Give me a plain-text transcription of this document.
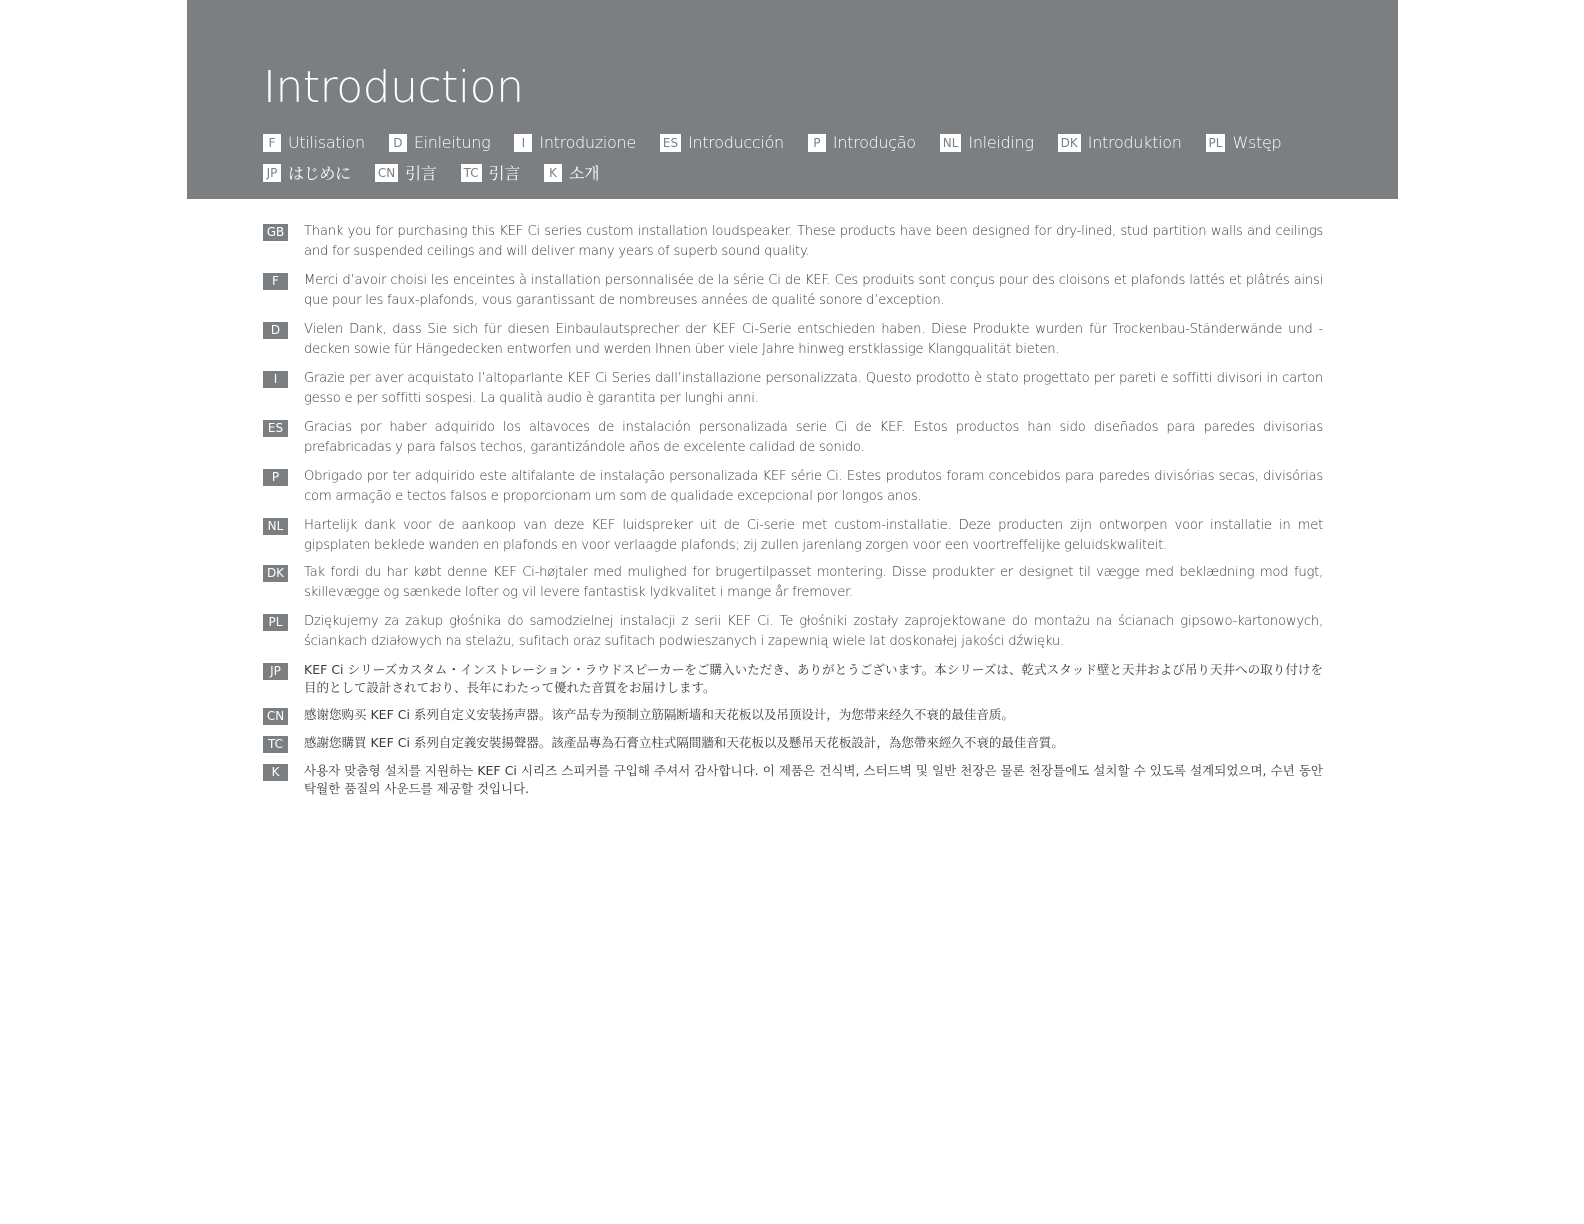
Introduction
F Utilisation	D Einleitung	I Introduzione ES Introducción	P Introdução NL Inleiding DK Introduktion PL Wstęp
JP はじめに CN 引言 TC 引言	K 소개
GB Thank you for purchasing this KEF Ci series custom installation loudspeaker. These products have been designed for dry-lined, stud partition walls and ceilings and for suspended ceilings and will deliver many years of superb sound quality.

F	Merci d’avoir choisi les enceintes à installation personnalisée de la série Ci de KEF. Ces produits sont conçus pour des cloisons et plafonds lattés et plâtrés ainsi que pour les faux-plafonds, vous garantissant de nombreuses années de qualité sonore d’exception.

D	Vielen Dank, dass Sie sich für diesen Einbaulautsprecher der KEF Ci-Serie entschieden haben. Diese Produkte wurden für Trockenbau-Ständerwände und -decken sowie für Hängedecken entworfen und werden Ihnen über viele Jahre hinweg erstklassige Klangqualität bieten.

I	Grazie per aver acquistato l’altoparlante KEF Ci Series dall’installazione personalizzata. Questo prodotto è stato progettato per pareti e soffitti divisori in carton gesso e per soffitti sospesi. La qualità audio è garantita per lunghi anni.

ES	Gracias por haber adquirido los altavoces de instalación personalizada serie Ci de KEF. Estos productos han sido diseñados para paredes divisorias prefabricadas y para falsos techos, garantizándole años de excelente calidad de sonido.

P	Obrigado por ter adquirido este altifalante de instalação personalizada KEF série Ci. Estes produtos foram concebidos para paredes divisórias secas, divisórias com armação e tectos falsos e proporcionam um som de qualidade excepcional por longos anos.

NL	Hartelijk dank voor de aankoop van deze KEF luidspreker uit de Ci-serie met custom-installatie. Deze producten zijn ontworpen voor installatie in met gipsplaten beklede wanden en plafonds en voor verlaagde plafonds; zij zullen jarenlang zorgen voor een voortreffelijke geluidskwaliteit.

DK Tak fordi du har købt denne KEF Ci-højtaler med mulighed for brugertilpasset montering. Disse produkter er designet til vægge med beklædning mod fugt, skillevægge og sænkede lofter og vil levere fantastisk lydkvalitet i mange år fremover.

PL	Dziękujemy za zakup głośnika do samodzielnej instalacji z serii KEF Ci. Te głośniki zostały zaprojektowane do montażu na ścianach gipsowo-kartonowych, ściankach działowych na stelażu, sufitach oraz sufitach podwieszanych i zapewnią wiele lat doskonałej jakości dźwięku.

JP	KEF Ci シリーズカスタム・インストレーション・ラウドスピーカーをご購入いただき、ありがとうございます。本シリーズは、乾式スタッド壁と天井および吊り天井への取り付けを目的として設計されており、長年にわたって優れた音質をお届けします。

CN	感谢您购买 KEF Ci 系列自定义安装扬声器。该产品专为预制立筋隔断墙和天花板以及吊顶设计，为您带来经久不衰的最佳音质。

TC	感謝您購買 KEF Ci 系列自定義安裝揚聲器。該產品專為石膏立柱式隔間牆和天花板以及懸吊天花板設計，為您帶來經久不衰的最佳音質。

K	사용자 맞춤형 설치를 지원하는 KEF Ci 시리즈 스피커를 구입해 주셔서 감사합니다. 이 제품은 건식벽, 스터드벽 및 일반 천장은 물론 천장틀에도 설치할 수 있도록 설계되었으며, 수년 동안 탁월한 품질의 사운드를 제공할 것입니다.
